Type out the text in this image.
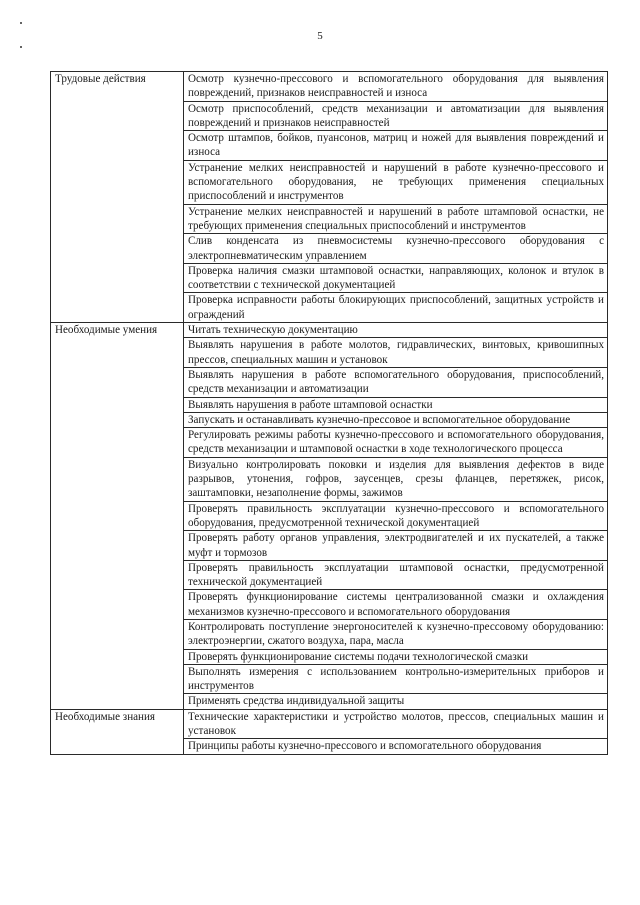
5
Трудовые действия	Осмотр кузнечно-прессового и вспомогательного оборудования для выявления повреждений, признаков неисправностей и износа
	Осмотр приспособлений, средств механизации и автоматизации для выявления повреждений и признаков неисправностей
	Осмотр штампов, бойков, пуансонов, матриц и ножей для выявления повреждений и износа
	Устранение мелких неисправностей и нарушений в работе кузнечно-прессового и вспомогательного оборудования, не требующих применения специальных приспособлений и инструментов
	Устранение мелких неисправностей и нарушений в работе штамповой оснастки, не требующих применения специальных приспособлений и инструментов
	Слив конденсата из пневмосистемы кузнечно-прессового оборудования с электропневматическим управлением
	Проверка наличия смазки штамповой оснастки, направляющих, колонок и втулок в соответствии с технической документацией
	Проверка исправности работы блокирующих приспособлений, защитных устройств и ограждений
Необходимые умения	Читать техническую документацию
	Выявлять нарушения в работе молотов, гидравлических, винтовых, кривошипных прессов, специальных машин и установок
	Выявлять нарушения в работе вспомогательного оборудования, приспособлений, средств механизации и автоматизации
	Выявлять нарушения в работе штамповой оснастки
	Запускать и останавливать кузнечно-прессовое и вспомогательное оборудование
	Регулировать режимы работы кузнечно-прессового и вспомогательного оборудования, средств механизации и штамповой оснастки в ходе технологического процесса
	Визуально контролировать поковки и изделия для выявления дефектов в виде разрывов, утонения, гофров, заусенцев, срезы фланцев, перетяжек, рисок, заштамповки, незаполнение формы, зажимов
	Проверять правильность эксплуатации кузнечно-прессового и вспомогательного оборудования, предусмотренной технической документацией
	Проверять работу органов управления, электродвигателей и их пускателей, а также муфт и тормозов
	Проверять правильность эксплуатации штамповой оснастки, предусмотренной технической документацией
	Проверять функционирование системы централизованной смазки и охлаждения механизмов кузнечно-прессового и вспомогательного оборудования
	Контролировать поступление энергоносителей к кузнечно-прессовому оборудованию: электроэнергии, сжатого воздуха, пара, масла
	Проверять функционирование системы подачи технологической смазки
	Выполнять измерения с использованием контрольно-измерительных приборов и инструментов
	Применять средства индивидуальной защиты
Необходимые знания	Технические характеристики и устройство молотов, прессов, специальных машин и установок
	Принципы работы кузнечно-прессового и вспомогательного оборудования
